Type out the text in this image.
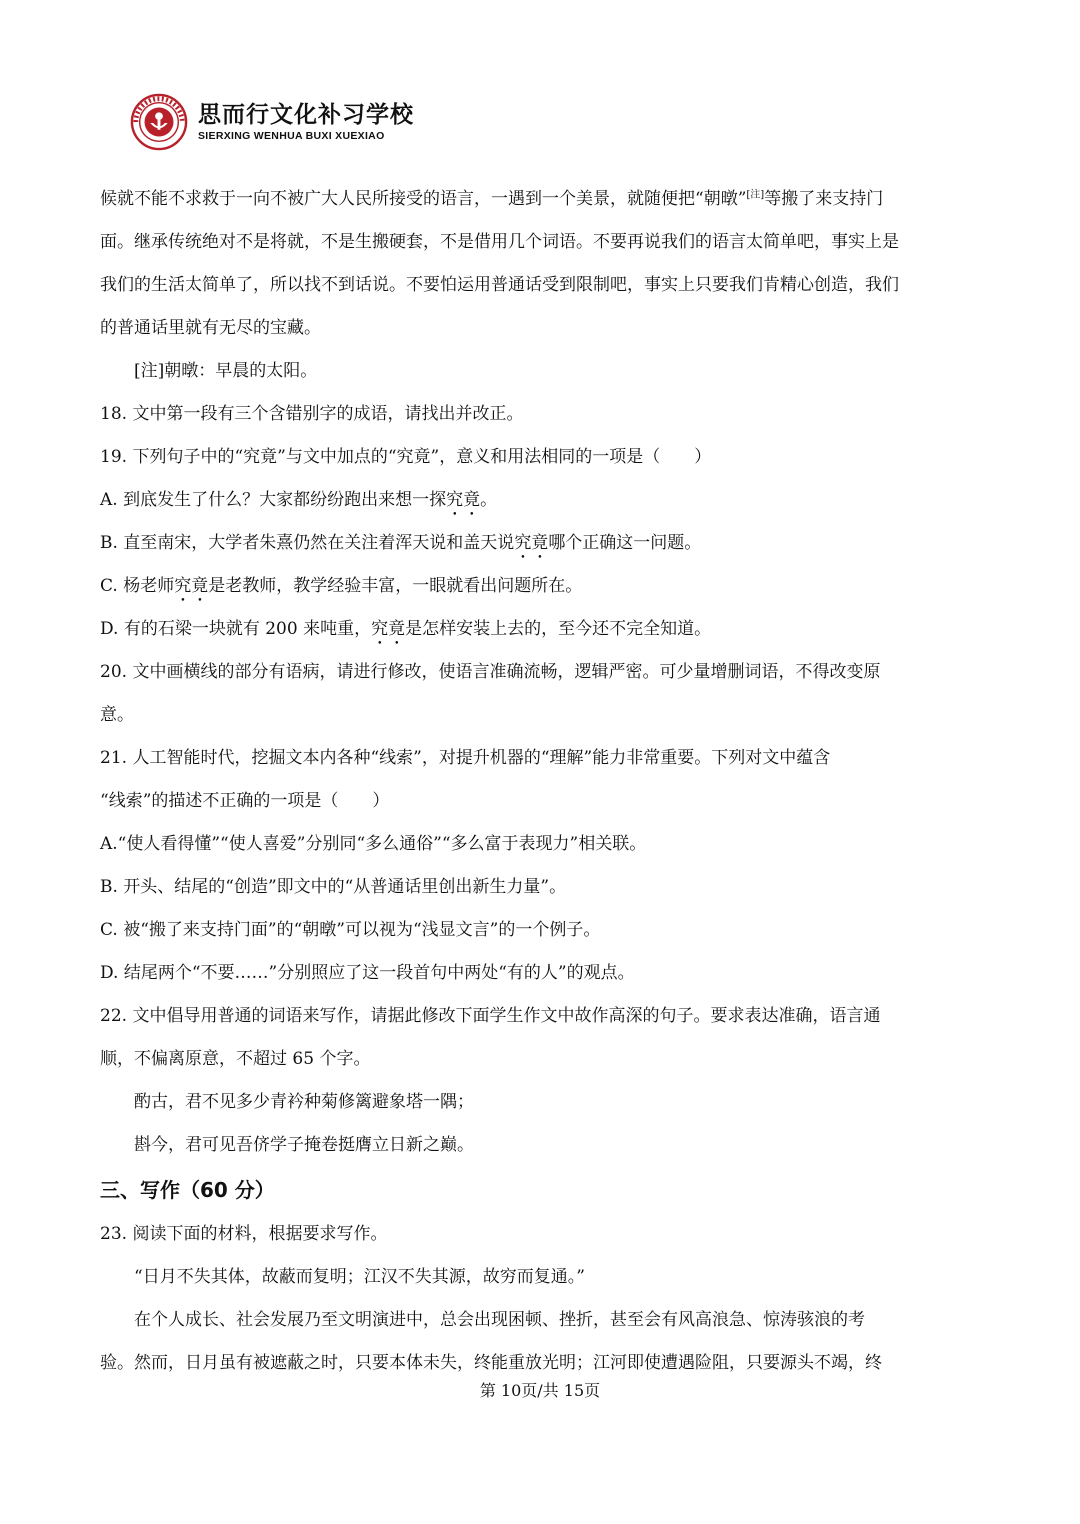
思而行文化补习学校
SIERXING WENHUA BUXI XUEXIAO
候就不能不求救于一向不被广大人民所接受的语言，一遇到一个美景，就随便把“朝暾”[注]等搬了来支持门
面。继承传统绝对不是将就，不是生搬硬套，不是借用几个词语。不要再说我们的语言太简单吧，事实上是
我们的生活太简单了，所以找不到话说。不要怕运用普通话受到限制吧，事实上只要我们肯精心创造，我们
的普通话里就有无尽的宝藏。
[注]朝暾：早晨的太阳。
18. 文中第一段有三个含错别字的成语，请找出并改正。
19. 下列句子中的“究竟”与文中加点的“究竟”，意义和用法相同的一项是（　　）
A. 到底发生了什么？大家都纷纷跑出来想一探究竟。
B. 直至南宋，大学者朱熹仍然在关注着浑天说和盖天说究竟哪个正确这一问题。
C. 杨老师究竟是老教师，教学经验丰富，一眼就看出问题所在。
D. 有的石梁一块就有 200 来吨重，究竟是怎样安装上去的，至今还不完全知道。
20. 文中画横线的部分有语病，请进行修改，使语言准确流畅，逻辑严密。可少量增删词语，不得改变原
意。
21. 人工智能时代，挖掘文本内各种“线索”，对提升机器的“理解”能力非常重要。下列对文中蕴含
“线索”的描述不正确的一项是（　　）
A.“使人看得懂”“使人喜爱”分别同“多么通俗”“多么富于表现力”相关联。
B. 开头、结尾的“创造”即文中的“从普通话里创出新生力量”。
C. 被“搬了来支持门面”的“朝暾”可以视为“浅显文言”的一个例子。
D. 结尾两个“不要……”分别照应了这一段首句中两处“有的人”的观点。
22. 文中倡导用普通的词语来写作，请据此修改下面学生作文中故作高深的句子。要求表达准确，语言通
顺，不偏离原意，不超过 65 个字。
酌古，君不见多少青衿种菊修篱避象塔一隅；
斟今，君可见吾侪学子掩卷挺膺立日新之巅。
三、写作（60 分）
23. 阅读下面的材料，根据要求写作。
“日月不失其体，故蔽而复明；江汉不失其源，故穷而复通。”
在个人成长、社会发展乃至文明演进中，总会出现困顿、挫折，甚至会有风高浪急、惊涛骇浪的考
验。然而，日月虽有被遮蔽之时，只要本体未失，终能重放光明；江河即使遭遇险阻，只要源头不竭，终
第 10页/共 15页
